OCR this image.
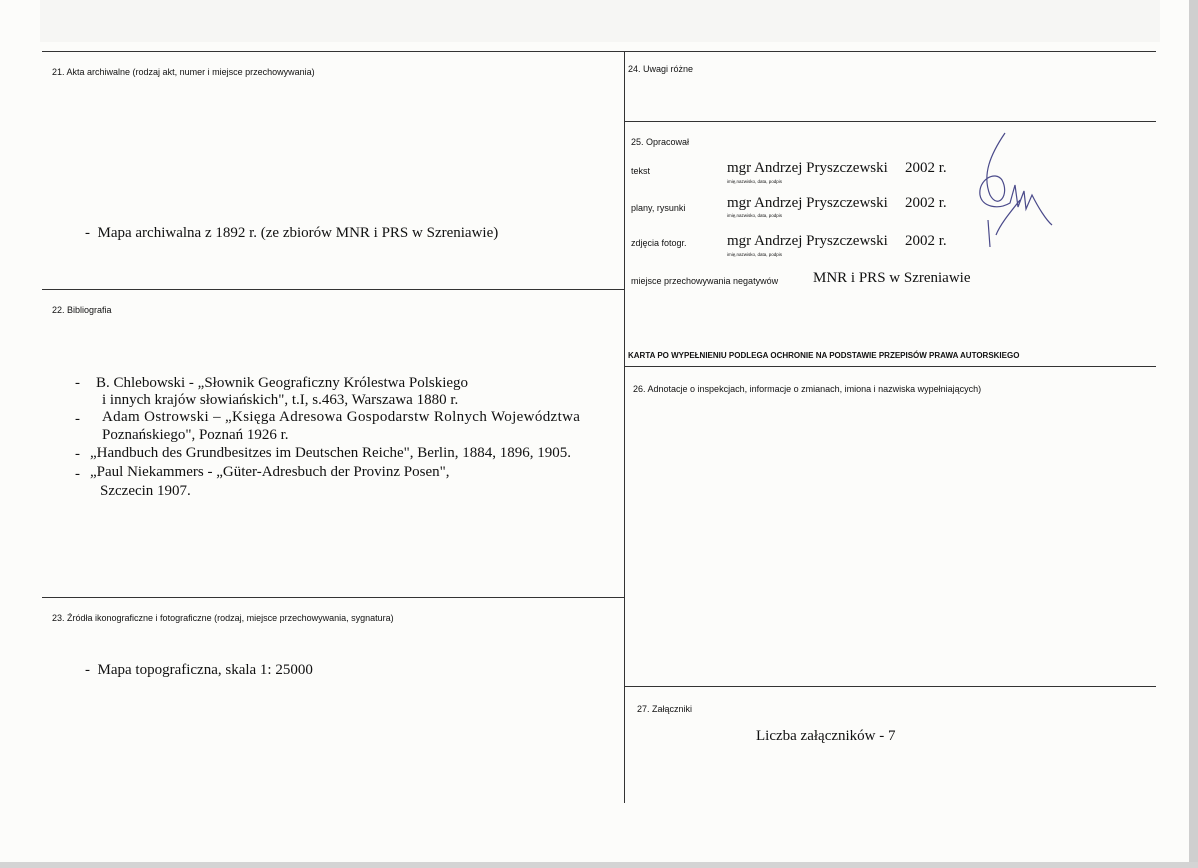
21. Akta archiwalne (rodzaj akt, numer i miejsce przechowywania)
- Mapa archiwalna z 1892 r. (ze zbiorów MNR i PRS w Szreniawie)
22. Bibliografia
- B. Chlebowski - „Słownik Geograficzny Królestwa Polskiego
i innych krajów słowiańskich", t.I, s.463, Warszawa 1880 r.
- Adam Ostrowski – „Księga Adresowa Gospodarstw Rolnych Województwa
Poznańskiego", Poznań 1926 r.
- „Handbuch des Grundbesitzes im Deutschen Reiche", Berlin, 1884, 1896, 1905.
- „Paul Niekammers - „Güter-Adresbuch der Provinz Posen",
Szczecin 1907.
23. Źródła ikonograficzne i fotograficzne (rodzaj, miejsce przechowywania, sygnatura)
- Mapa topograficzna, skala 1: 25000
24. Uwagi różne
25. Opracował
tekst	mgr Andrzej Pryszczewski 2002 r.
imię,nazwisko, data, podpis
plany, rysunki	mgr Andrzej Pryszczewski 2002 r.
imię,nazwisko, data, podpis
zdjęcia fotogr.	mgr Andrzej Pryszczewski 2002 r.
imię,nazwisko, data, podpis
miejsce przechowywania negatywów MNR i PRS w Szreniawie
KARTA PO WYPEŁNIENIU PODLEGA OCHRONIE NA PODSTAWIE PRZEPISÓW PRAWA AUTORSKIEGO
26. Adnotacje o inspekcjach, informacje o zmianach, imiona i nazwiska wypełniających)
27. Załączniki
Liczba załączników - 7
